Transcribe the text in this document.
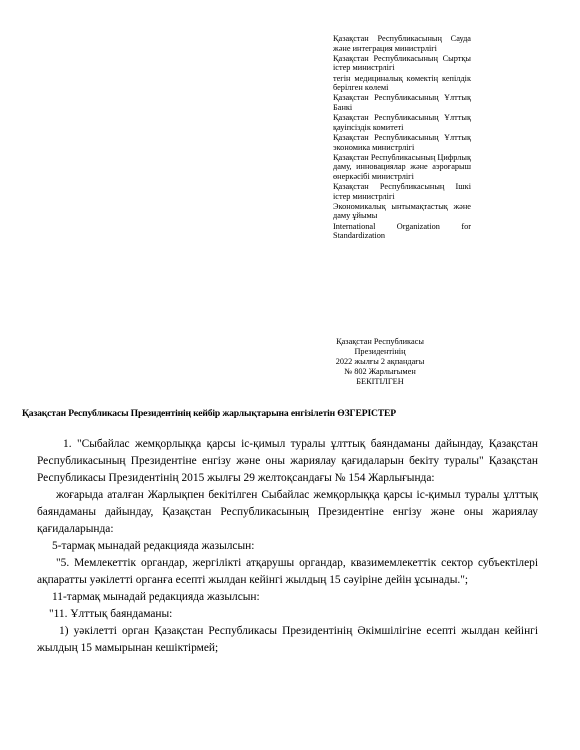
Қазақстан Республикасының Сауда және интеграция министрлігі

Қазақстан Республикасының Сыртқы істер министрлігі

тегін медициналық көмектің кепілдік берілген көлемі

Қазақстан Республикасының Ұлттық Банкі

Қазақстан Республикасының Ұлттық қауіпсіздік комитеті

Қазақстан Республикасының Ұлттық экономика министрлігі

Қазақстан Республикасының Цифрлық даму, инновациялар және аэроғарыш өнеркәсібі министрлігі

Қазақстан Республикасының Ішкі істер министрлігі

Экономикалық ынтымақтастық және даму ұйымы

International Organization for Standardization

Қазақстан Республикасы
Президентінің
2022 жылғы 2 ақпандағы
№ 802 Жарлығымен
БЕКІТІЛГЕН
Қазақстан Республикасы Президентінің кейбір жарлықтарына енгізілетін ӨЗГЕРІСТЕР

1. "Сыбайлас жемқорлыққа қарсы іс-қимыл туралы ұлттық баяндаманы дайындау, Қазақстан Республикасының Президентіне енгізу және оны жариялау қағидаларын бекіту туралы" Қазақстан Республикасы Президентінің 2015 жылғы 29 желтоқсандағы № 154 Жарлығында:

жоғарыда аталған Жарлықпен бекітілген Сыбайлас жемқорлыққа қарсы іс-қимыл туралы ұлттық баяндаманы дайындау, Қазақстан Республикасының Президентіне енгізу және оны жариялау қағидаларында:

5-тармақ мынадай редакцияда жазылсын:

"5. Мемлекеттік органдар, жергілікті атқарушы органдар, квазимемлекеттік сектор субъектілері ақпаратты уәкілетті органға есепті жылдан кейінгі жылдың 15 сәуіріне дейін ұсынады.";

11-тармақ мынадай редакцияда жазылсын:

"11. Ұлттық баяндаманы:

1) уәкілетті орган Қазақстан Республикасы Президентінің Әкімшілігіне есепті жылдан кейінгі жылдың 15 мамырынан кешіктірмей;
